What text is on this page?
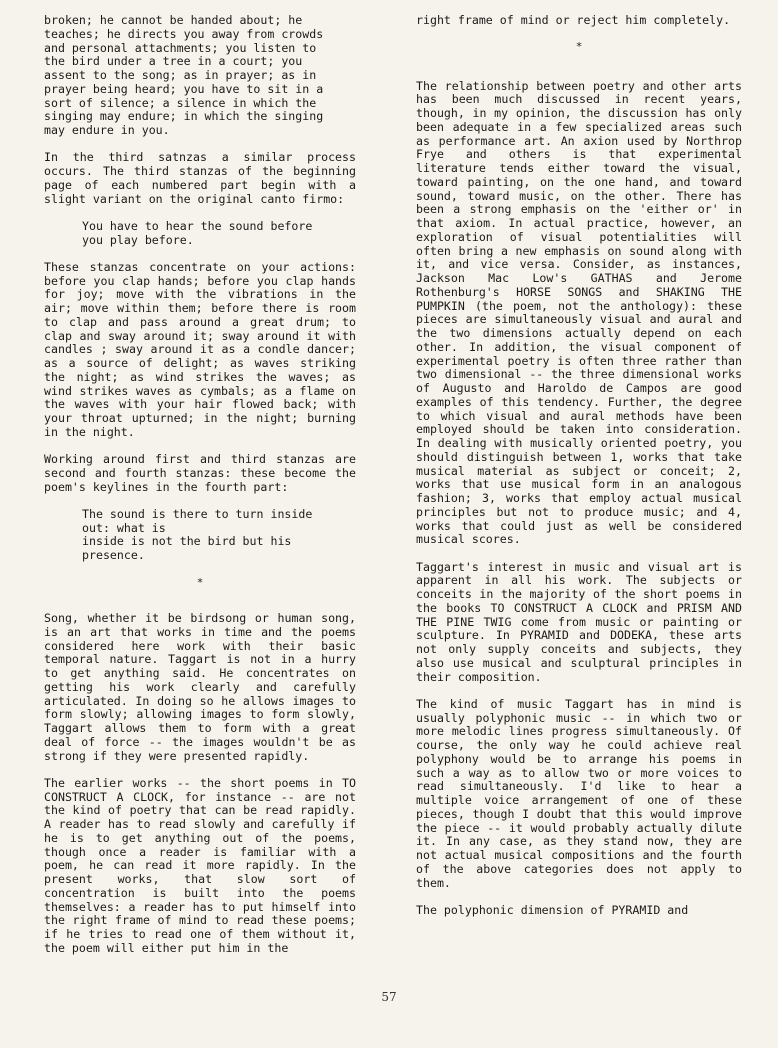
broken; he cannot be handed about; he
teaches; he directs you away from crowds
and personal attachments; you listen to
the bird under a tree in a court; you
assent to the song; as in prayer; as in
prayer being heard; you have to sit in a
sort of silence; a silence in which the
singing may endure; in which the singing
may endure in you.

In the third satnzas a similar process occurs. The third stanzas of the beginning page of each numbered part begin with a slight variant on the original canto firmo:

You have to hear the sound before
you play before.

These stanzas concentrate on your actions: before you clap hands; before you clap hands for joy; move with the vibrations in the air; move within them; before there is room to clap and pass around a great drum; to clap and sway around it; sway around it with candles ; sway around it as a condle dancer; as a source of delight; as waves striking the night; as wind strikes the waves; as wind strikes waves as cymbals; as a flame on the waves with your hair flowed back; with your throat upturned; in the night; burning in the night.

Working around first and third stanzas are second and fourth stanzas: these become the poem's keylines in the fourth part:

The sound is there to turn inside
out: what is
inside is not the bird but his
presence.
*

Song, whether it be birdsong or human song, is an art that works in time and the poems considered here work with their basic temporal nature. Taggart is not in a hurry to get anything said. He concentrates on getting his work clearly and carefully articulated. In doing so he allows images to form slowly; allowing images to form slowly, Taggart allows them to form with a great deal of force -- the images wouldn't be as strong if they were presented rapidly.

The earlier works -- the short poems in TO CONSTRUCT A CLOCK, for instance -- are not the kind of poetry that can be read rapidly. A reader has to read slowly and carefully if he is to get anything out of the poems, though once a reader is familiar with a poem, he can read it more rapidly. In the present works, that slow sort of concentration is built into the poems themselves: a reader has to put himself into the right frame of mind to read these poems; if he tries to read one of them without it, the poem will either put him in the

right frame of mind or reject him completely.

*

The relationship between poetry and other arts has been much discussed in recent years, though, in my opinion, the discussion has only been adequate in a few specialized areas such as performance art. An axion used by Northrop Frye and others is that experimental literature tends either toward the visual, toward painting, on the one hand, and toward sound, toward music, on the other. There has been a strong emphasis on the 'either or' in that axiom. In actual practice, however, an exploration of visual potentialities will often bring a new emphasis on sound along with it, and vice versa. Consider, as instances, Jackson Mac Low's GATHAS and Jerome Rothenburg's HORSE SONGS and SHAKING THE PUMPKIN (the poem, not the anthology): these pieces are simultaneously visual and aural and the two dimensions actually depend on each other. In addition, the visual component of experimental poetry is often three rather than two dimensional -- the three dimensional works of Augusto and Haroldo de Campos are good examples of this tendency. Further, the degree to which visual and aural methods have been employed should be taken into consideration. In dealing with musically oriented poetry, you should distinguish between 1, works that take musical material as subject or conceit; 2, works that use musical form in an analogous fashion; 3, works that employ actual musical principles but not to produce music; and 4, works that could just as well be considered musical scores.

Taggart's interest in music and visual art is apparent in all his work. The subjects or conceits in the majority of the short poems in the books TO CONSTRUCT A CLOCK and PRISM AND THE PINE TWIG come from music or painting or sculpture. In PYRAMID and DODEKA, these arts not only supply conceits and subjects, they also use musical and sculptural principles in their composition.

The kind of music Taggart has in mind is usually polyphonic music -- in which two or more melodic lines progress simultaneously. Of course, the only way he could achieve real polyphony would be to arrange his poems in such a way as to allow two or more voices to read simultaneously. I'd like to hear a multiple voice arrangement of one of these pieces, though I doubt that this would improve the piece -- it would probably actually dilute it. In any case, as they stand now, they are not actual musical compositions and the fourth of the above categories does not apply to them.

The polyphonic dimension of PYRAMID and

57
